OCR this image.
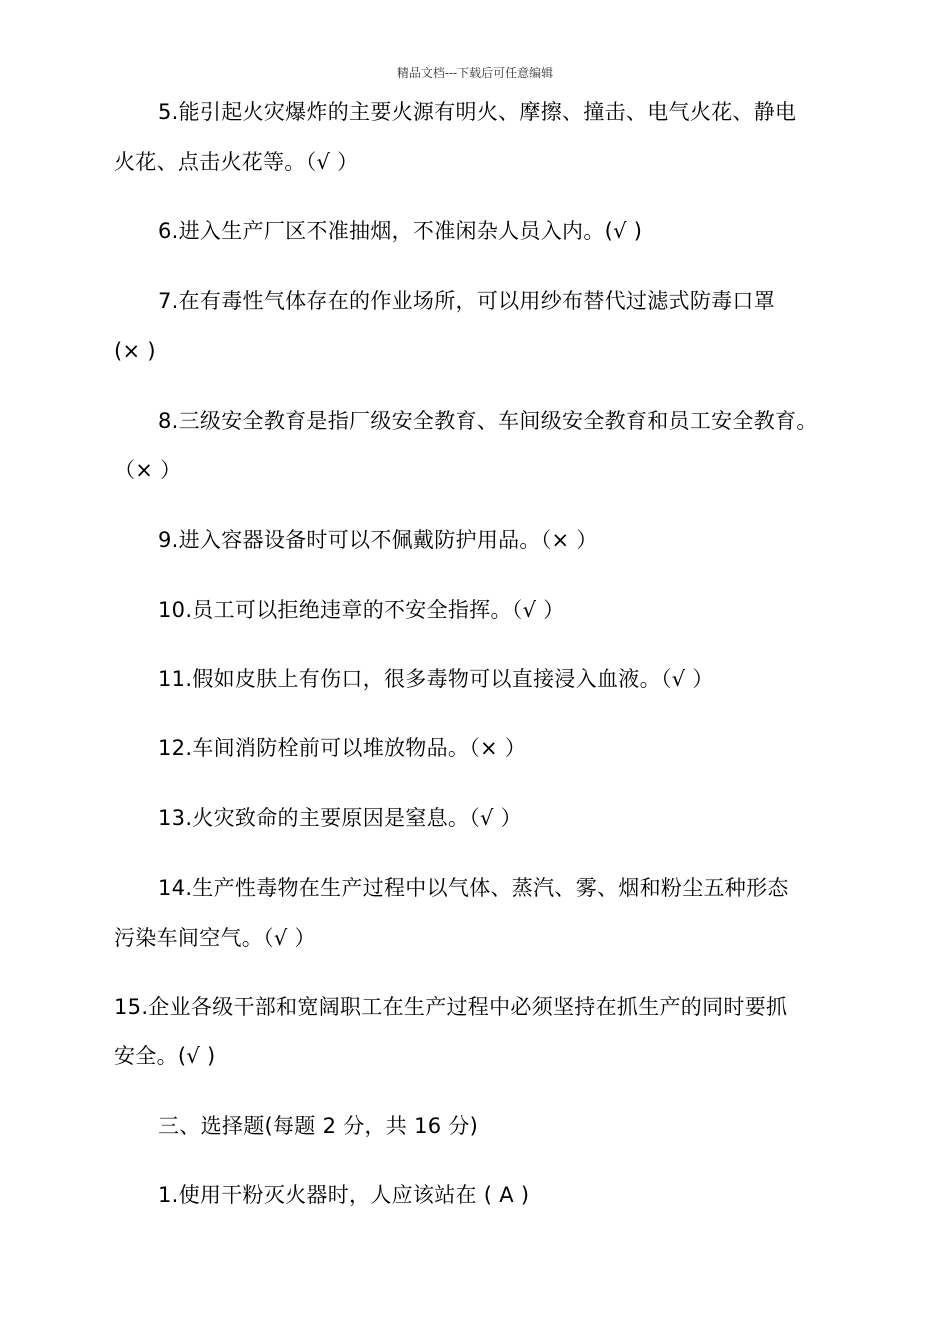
精品文档---下载后可任意编辑
5.能引起火灾爆炸的主要火源有明火、摩擦、撞击、电气火花、静电
火花、点击火花等。（√ ）
6.进入生产厂区不准抽烟，不准闲杂人员入内。(√ )
7.在有毒性气体存在的作业场所，可以用纱布替代过滤式防毒口罩
(× )
8.三级安全教育是指厂级安全教育、车间级安全教育和员工安全教育。
（× ）
9.进入容器设备时可以不佩戴防护用品。（× ）
10.员工可以拒绝违章的不安全指挥。（√ ）
11.假如皮肤上有伤口，很多毒物可以直接浸入血液。（√ ）
12.车间消防栓前可以堆放物品。（× ）
13.火灾致命的主要原因是窒息。（√ ）
14.生产性毒物在生产过程中以气体、蒸汽、雾、烟和粉尘五种形态
污染车间空气。（√ ）
15.企业各级干部和宽阔职工在生产过程中必须坚持在抓生产的同时要抓
安全。(√ )
三、选择题(每题 2 分，共 16 分)
1.使用干粉灭火器时，人应该站在 ( A )
